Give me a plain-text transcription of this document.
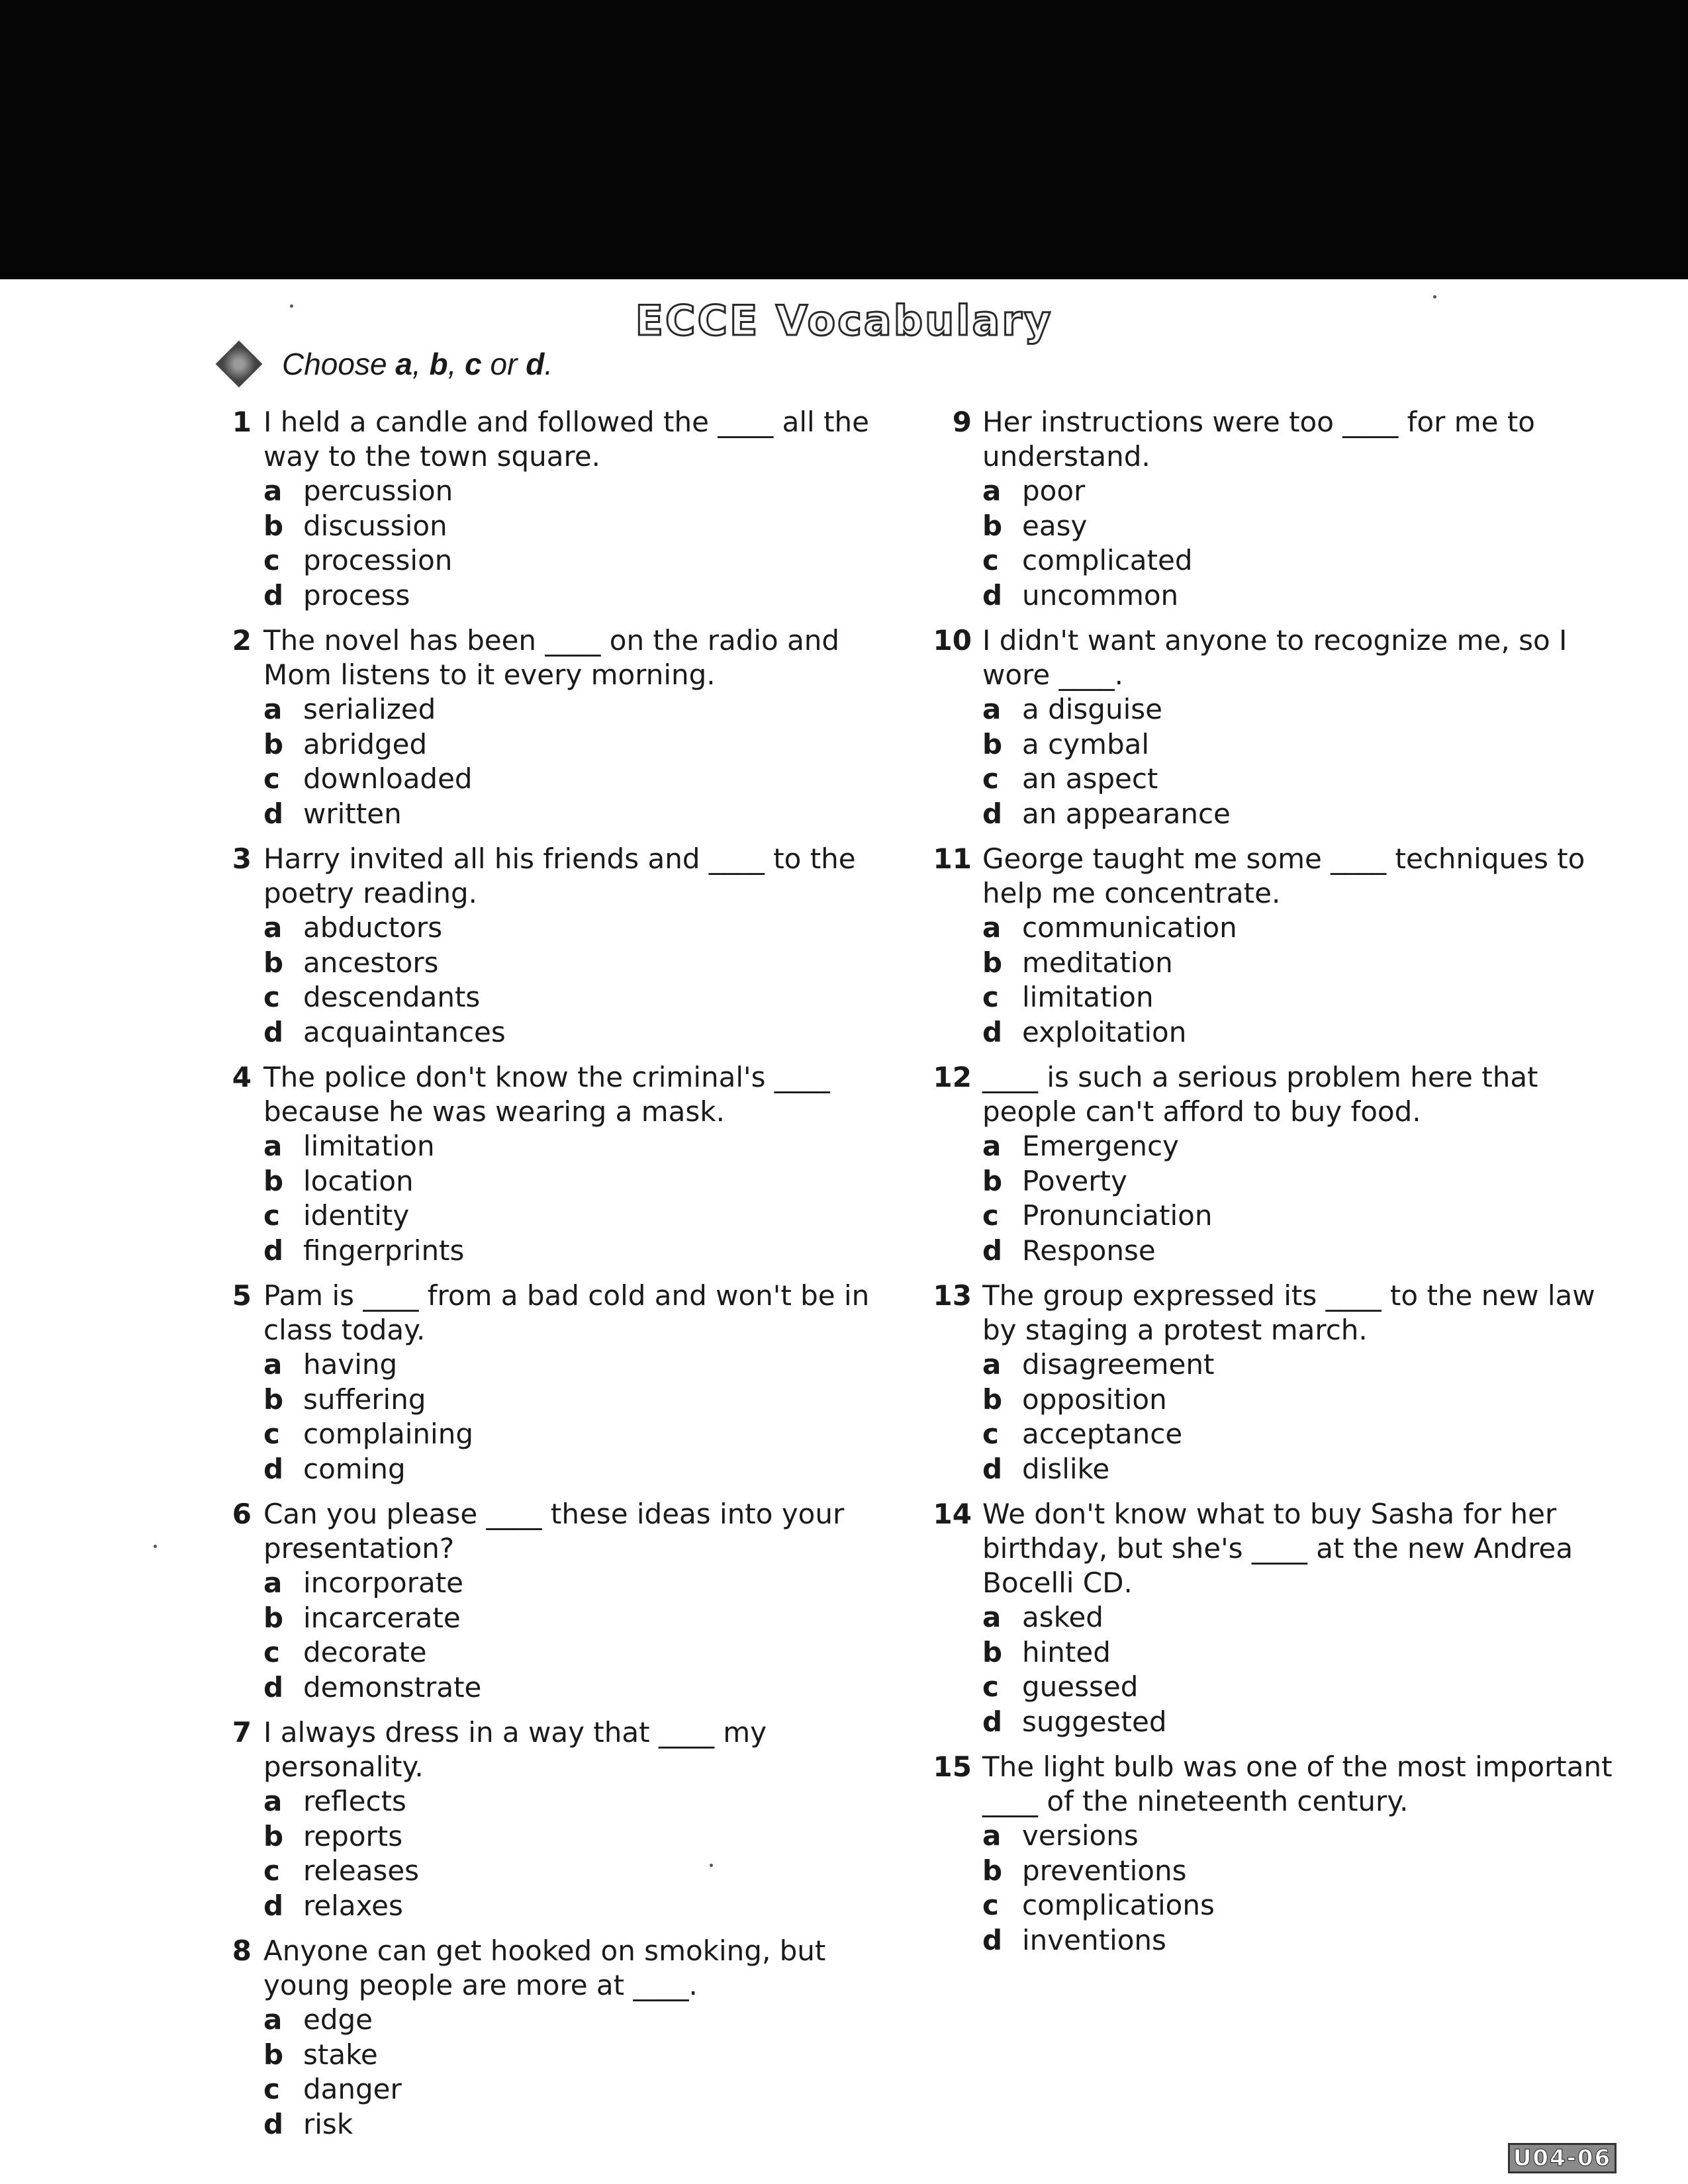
ECCE Vocabulary
Choose a, b, c or d.
1 I held a candle and followed the ____ all the way to the town square.
a percussion
b discussion
c procession
d process
2 The novel has been ____ on the radio and Mom listens to it every morning.
a serialized
b abridged
c downloaded
d written
3 Harry invited all his friends and ____ to the poetry reading.
a abductors
b ancestors
c descendants
d acquaintances
4 The police don't know the criminal's ____ because he was wearing a mask.
a limitation
b location
c identity
d fingerprints
5 Pam is ____ from a bad cold and won't be in class today.
a having
b suffering
c complaining
d coming
6 Can you please ____ these ideas into your presentation?
a incorporate
b incarcerate
c decorate
d demonstrate
7 I always dress in a way that ____ my personality.
a reflects
b reports
c releases
d relaxes
8 Anyone can get hooked on smoking, but young people are more at ____.
a edge
b stake
c danger
d risk
9 Her instructions were too ____ for me to understand.
a poor
b easy
c complicated
d uncommon
10 I didn't want anyone to recognize me, so I wore ____.
a a disguise
b a cymbal
c an aspect
d an appearance
11 George taught me some ____ techniques to help me concentrate.
a communication
b meditation
c limitation
d exploitation
12 ____ is such a serious problem here that people can't afford to buy food.
a Emergency
b Poverty
c Pronunciation
d Response
13 The group expressed its ____ to the new law by staging a protest march.
a disagreement
b opposition
c acceptance
d dislike
14 We don't know what to buy Sasha for her birthday, but she's ____ at the new Andrea Bocelli CD.
a asked
b hinted
c guessed
d suggested
15 The light bulb was one of the most important ____ of the nineteenth century.
a versions
b preventions
c complications
d inventions
U04-06
